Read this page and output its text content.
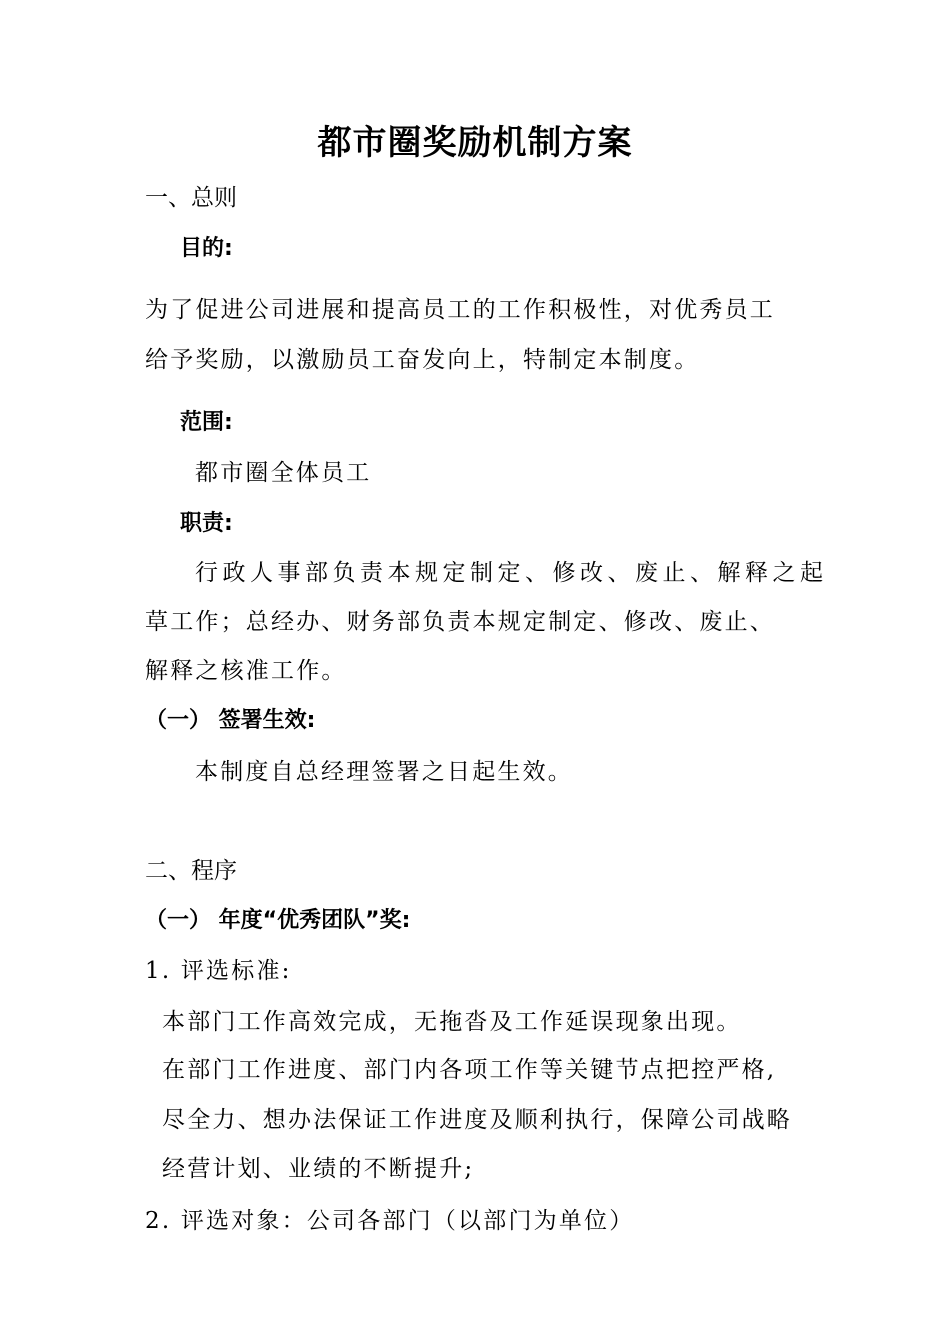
都市圈奖励机制方案
一、总则
目的:
为了促进公司进展和提高员工的工作积极性，对优秀员工
给予奖励，以激励员工奋发向上，特制定本制度。
范围:
都市圈全体员工
职责:
行政人事部负责本规定制定、修改、废止、解释之起
草工作；总经办、财务部负责本规定制定、修改、废止、
解释之核准工作。
（一） 签署生效:
本制度自总经理签署之日起生效。
二、程序
（一） 年度“优秀团队”奖:
1. 评选标准:
本部门工作高效完成，无拖沓及工作延误现象出现。
在部门工作进度、部门内各项工作等关键节点把控严格,
尽全力、想办法保证工作进度及顺利执行，保障公司战略
经营计划、业绩的不断提升;
2. 评选对象：公司各部门（以部门为单位）
